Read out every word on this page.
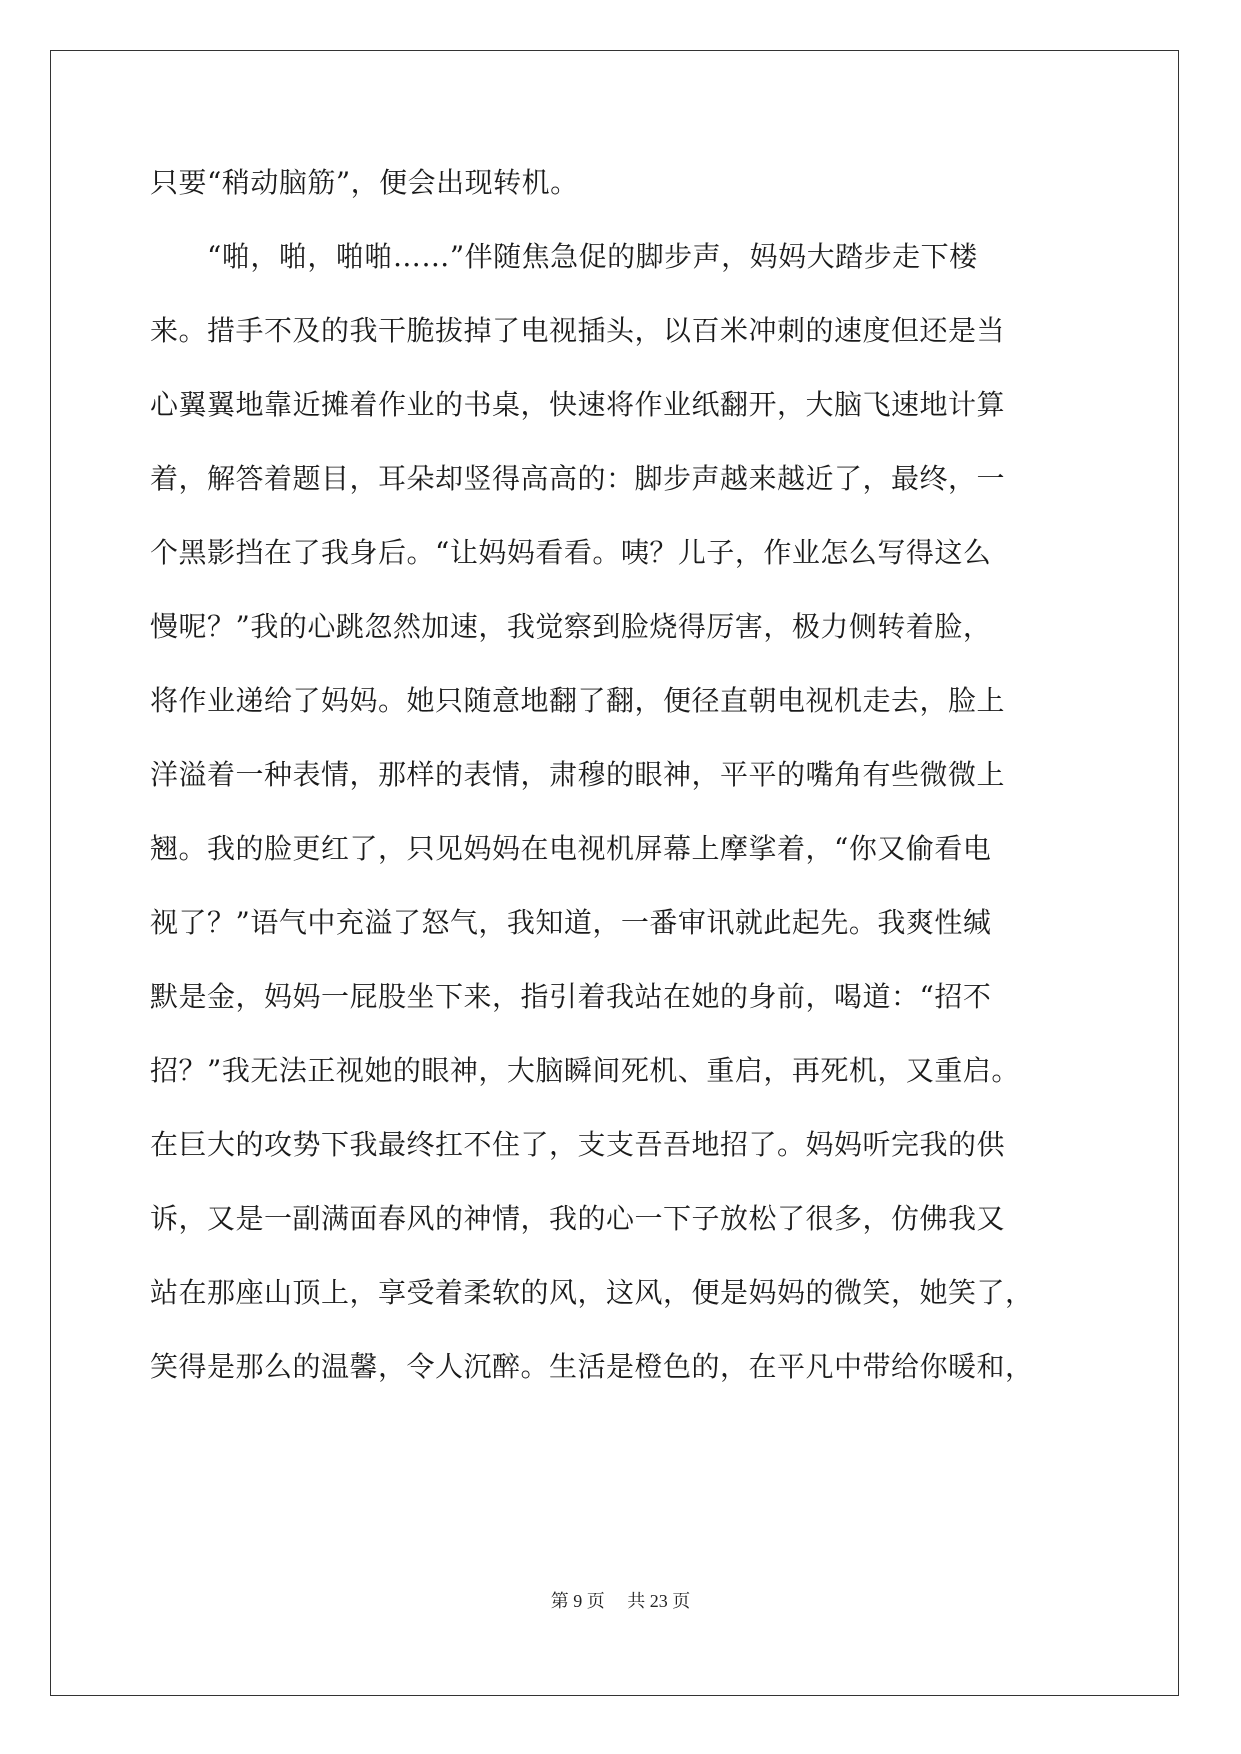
只要“稍动脑筋”，便会出现转机。
　　“啪，啪，啪啪……”伴随焦急促的脚步声，妈妈大踏步走下楼
来。措手不及的我干脆拔掉了电视插头，以百米冲刺的速度但还是当
心翼翼地靠近摊着作业的书桌，快速将作业纸翻开，大脑飞速地计算
着，解答着题目，耳朵却竖得高高的：脚步声越来越近了，最终，一
个黑影挡在了我身后。“让妈妈看看。咦？儿子，作业怎么写得这么
慢呢？”我的心跳忽然加速，我觉察到脸烧得厉害，极力侧转着脸，
将作业递给了妈妈。她只随意地翻了翻，便径直朝电视机走去，脸上
洋溢着一种表情，那样的表情，肃穆的眼神，平平的嘴角有些微微上
翘。我的脸更红了，只见妈妈在电视机屏幕上摩挲着，“你又偷看电
视了？”语气中充溢了怒气，我知道，一番审讯就此起先。我爽性缄
默是金，妈妈一屁股坐下来，指引着我站在她的身前，喝道：“招不
招？”我无法正视她的眼神，大脑瞬间死机、重启，再死机，又重启。
在巨大的攻势下我最终扛不住了，支支吾吾地招了。妈妈听完我的供
诉，又是一副满面春风的神情，我的心一下子放松了很多，仿佛我又
站在那座山顶上，享受着柔软的风，这风，便是妈妈的微笑，她笑了，
笑得是那么的温馨，令人沉醉。生活是橙色的，在平凡中带给你暖和，
第 9 页　 共 23 页
